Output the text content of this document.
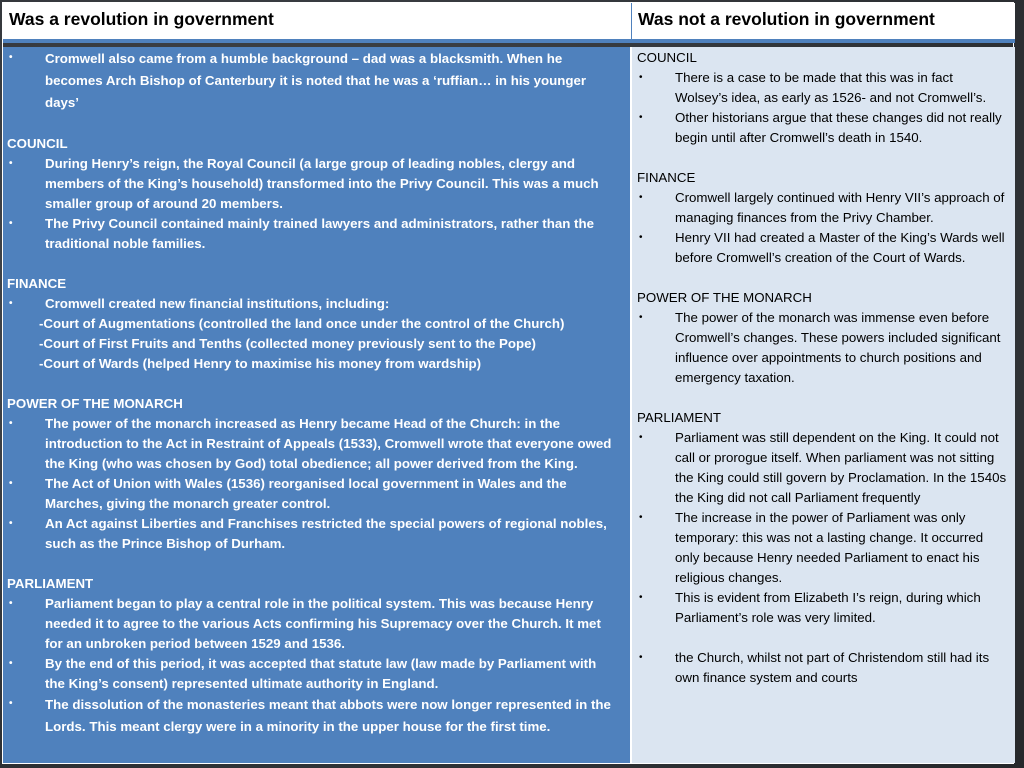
Was a revolution in government	Was not a revolution in government
•	Cromwell also came from a humble background – dad was a blacksmith. When he becomes Arch Bishop of Canterbury it is noted that he was a ‘ruffian… in his younger days’
COUNCIL
•	During Henry’s reign, the Royal Council (a large group of leading nobles, clergy and members of the King’s household) transformed into the Privy Council. This was a much smaller group of around 20 members.
•	The Privy Council contained mainly trained lawyers and administrators, rather than the traditional noble families.
FINANCE
•	Cromwell created new financial institutions, including:
-Court of Augmentations (controlled the land once under the control of the Church)
-Court of First Fruits and Tenths (collected money previously sent to the Pope)
-Court of Wards (helped Henry to maximise his money from wardship)
POWER OF THE MONARCH
•	The power of the monarch increased as Henry became Head of the Church: in the introduction to the Act in Restraint of Appeals (1533), Cromwell wrote that everyone owed the King (who was chosen by God) total obedience; all power derived from the King.
•	The Act of Union with Wales (1536) reorganised local government in Wales and the Marches, giving the monarch greater control.
•	An Act against Liberties and Franchises restricted the special powers of regional nobles, such as the Prince Bishop of Durham.
PARLIAMENT
•	Parliament began to play a central role in the political system. This was because Henry needed it to agree to the various Acts confirming his Supremacy over the Church. It met for an unbroken period between 1529 and 1536.
•	By the end of this period, it was accepted that statute law (law made by Parliament with the King’s consent) represented ultimate authority in England.
•	The dissolution of the monasteries meant that abbots were now longer represented in the Lords. This meant clergy were in a minority in the upper house for the first time.
COUNCIL
•	There is a case to be made that this was in fact Wolsey’s idea, as early as 1526- and not Cromwell’s.
•	Other historians argue that these changes did not really begin until after Cromwell’s death in 1540.
FINANCE
•	Cromwell largely continued with Henry VII’s approach of managing finances from the Privy Chamber.
•	Henry VII had created a Master of the King’s Wards well before Cromwell’s creation of the Court of Wards.
POWER OF THE MONARCH
•	The power of the monarch was immense even before Cromwell’s changes. These powers included significant influence over appointments to church positions and emergency taxation.
PARLIAMENT
•	Parliament was still dependent on the King. It could not call or prorogue itself. When parliament was not sitting the King could still govern by Proclamation. In the 1540s the King did not call Parliament frequently
•	The increase in the power of Parliament was only temporary: this was not a lasting change. It occurred only because Henry needed Parliament to enact his religious changes.
•	This is evident from Elizabeth I’s reign, during which Parliament’s role was very limited.
•	the Church, whilst not part of Christendom still had its own finance system and courts
